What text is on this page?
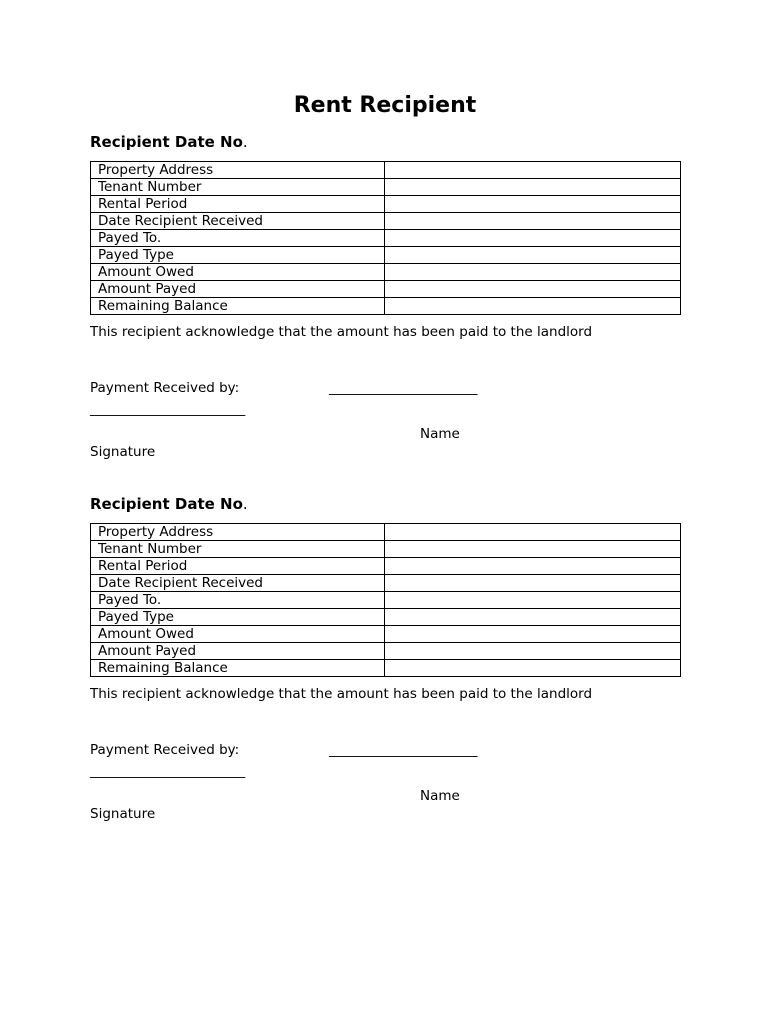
Rent Recipient
Recipient Date No.
Property Address	
Tenant Number	
Rental Period	
Date Recipient Received	
Payed To.	
Payed Type	
Amount Owed	
Amount Payed	
Remaining Balance	
This recipient acknowledge that the amount has been paid to the landlord
Payment Received by:	______________________
_______________________
Name
Signature
Recipient Date No.
Property Address	
Tenant Number	
Rental Period	
Date Recipient Received	
Payed To.	
Payed Type	
Amount Owed	
Amount Payed	
Remaining Balance	
This recipient acknowledge that the amount has been paid to the landlord
Payment Received by:	______________________
_______________________
Name
Signature
